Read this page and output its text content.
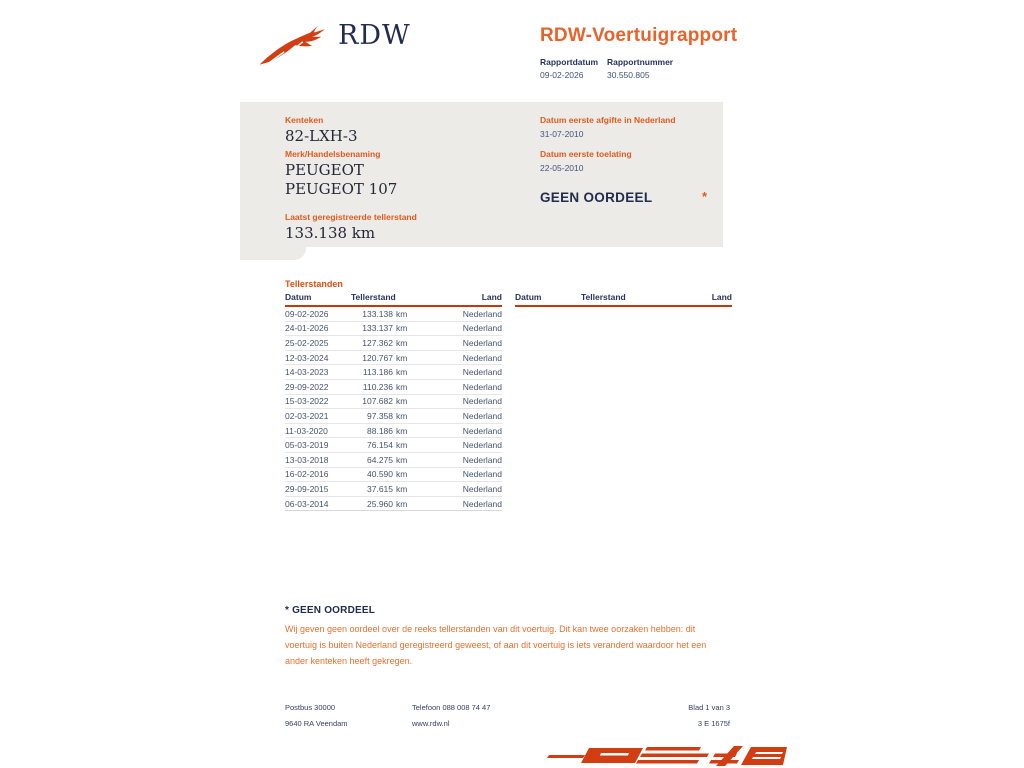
RDW	RDW-Voertuigrapport
Rapportdatum
09-02-2026
Rapportnummer
30.550.805
Kenteken
82-LXH-3
Merk/Handelsbenaming
PEUGEOT PEUGEOT 107
Laatst geregistreerde tellerstand
133.138 km
Datum eerste afgifte in Nederland
31-07-2010
Datum eerste toelating
22-05-2010
GEEN OORDEEL	*
Tellerstanden
Datum	Tellerstand	Land
09-02-2026	133.138 km	Nederland
24-01-2026	133.137 km	Nederland
25-02-2025	127.362 km	Nederland
12-03-2024	120.767 km	Nederland
14-03-2023	113.186 km	Nederland
29-09-2022	110.236 km	Nederland
15-03-2022	107.682 km	Nederland
02-03-2021	97.358 km	Nederland
11-03-2020	88.186 km	Nederland
05-03-2019	76.154 km	Nederland
13-03-2018	64.275 km	Nederland
16-02-2016	40.590 km	Nederland
29-09-2015	37.615 km	Nederland
06-03-2014	25.960 km	Nederland
Datum	Tellerstand	Land
* GEEN OORDEEL
Wij geven geen oordeel over de reeks tellerstanden van dit voertuig. Dit kan twee oorzaken hebben: dit voertuig is buiten Nederland geregistreerd geweest, of aan dit voertuig is iets veranderd waardoor het een ander kenteken heeft gekregen.
Postbus 30000
9640 RA Veendam
Telefoon 088 008 74 47
www.rdw.nl
Blad 1 van 3
3 E 1675f
